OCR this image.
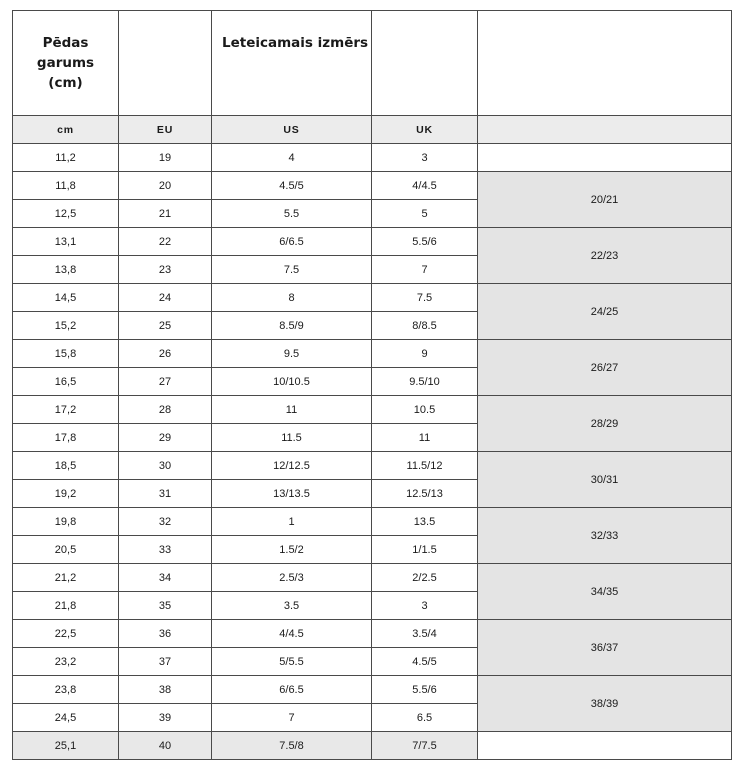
Pēdas garums (cm)		Leteicamais izmērs		
cm	EU	US	UK	
11,2	19	4	3	
11,8	20	4.5/5	4/4.5	20/21
12,5	21	5.5	5	
13,1	22	6/6.5	5.5/6	22/23
13,8	23	7.5	7	
14,5	24	8	7.5	24/25
15,2	25	8.5/9	8/8.5	
15,8	26	9.5	9	26/27
16,5	27	10/10.5	9.5/10	
17,2	28	11	10.5	28/29
17,8	29	11.5	11	
18,5	30	12/12.5	11.5/12	30/31
19,2	31	13/13.5	12.5/13	
19,8	32	1	13.5	32/33
20,5	33	1.5/2	1/1.5	
21,2	34	2.5/3	2/2.5	34/35
21,8	35	3.5	3	
22,5	36	4/4.5	3.5/4	36/37
23,2	37	5/5.5	4.5/5	
23,8	38	6/6.5	5.5/6	38/39
24,5	39	7	6.5	
25,1	40	7.5/8	7/7.5	
